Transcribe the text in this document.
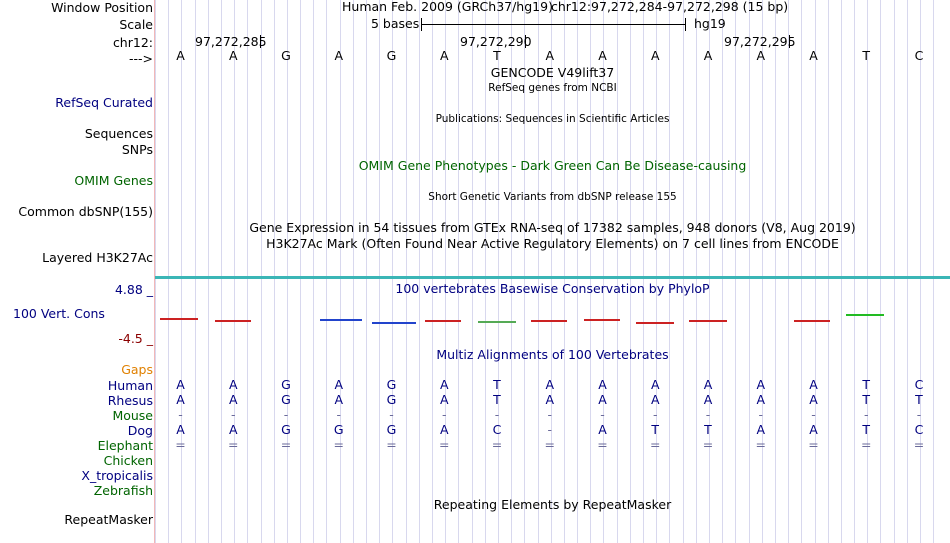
Window Position	Human Feb. 2009 (GRCh37/hg19)
chr12:97,272,284-97,272,298 (15 bp)
Scale	5 bases	hg19
chr12:	97,272,285	97,272,290	97,272,295
--->	A	A	G	A	G	A	T	A	A	A	A	A	A	T	C
GENCODE V49lift37
RefSeq genes from NCBI
RefSeq Curated
Publications: Sequences in Scientific Articles
Sequences
SNPs
OMIM Gene Phenotypes - Dark Green Can Be Disease-causing
OMIM Genes
Short Genetic Variants from dbSNP release 155
Common dbSNP(155)
Gene Expression in 54 tissues from GTEx RNA-seq of 17382 samples, 948 donors (V8, Aug 2019)
H3K27Ac Mark (Often Found Near Active Regulatory Elements) on 7 cell lines from ENCODE
Layered H3K27Ac
4.88 _	100 vertebrates Basewise Conservation by PhyloP
100 Vert. Cons
-4.5 _
Multiz Alignments of 100 Vertebrates
Gaps
Human	A	A	G	A	G	A	T	A	A	A	A	A	A	T	C
Rhesus	A	A	G	A	G	A	T	A	A	A	A	A	A	T	T
Mouse	-	-	-	-	-	-	-	-	-	-	-	-	-	-	-
Dog	A	A	G	G	G	A	C	-	A	T	T	A	A	T	C
Elephant	=	=	=	=	=	=	=	=	=	=	=	=	=	=	=
Chicken
X_tropicalis
Zebrafish
Repeating Elements by RepeatMasker
RepeatMasker
